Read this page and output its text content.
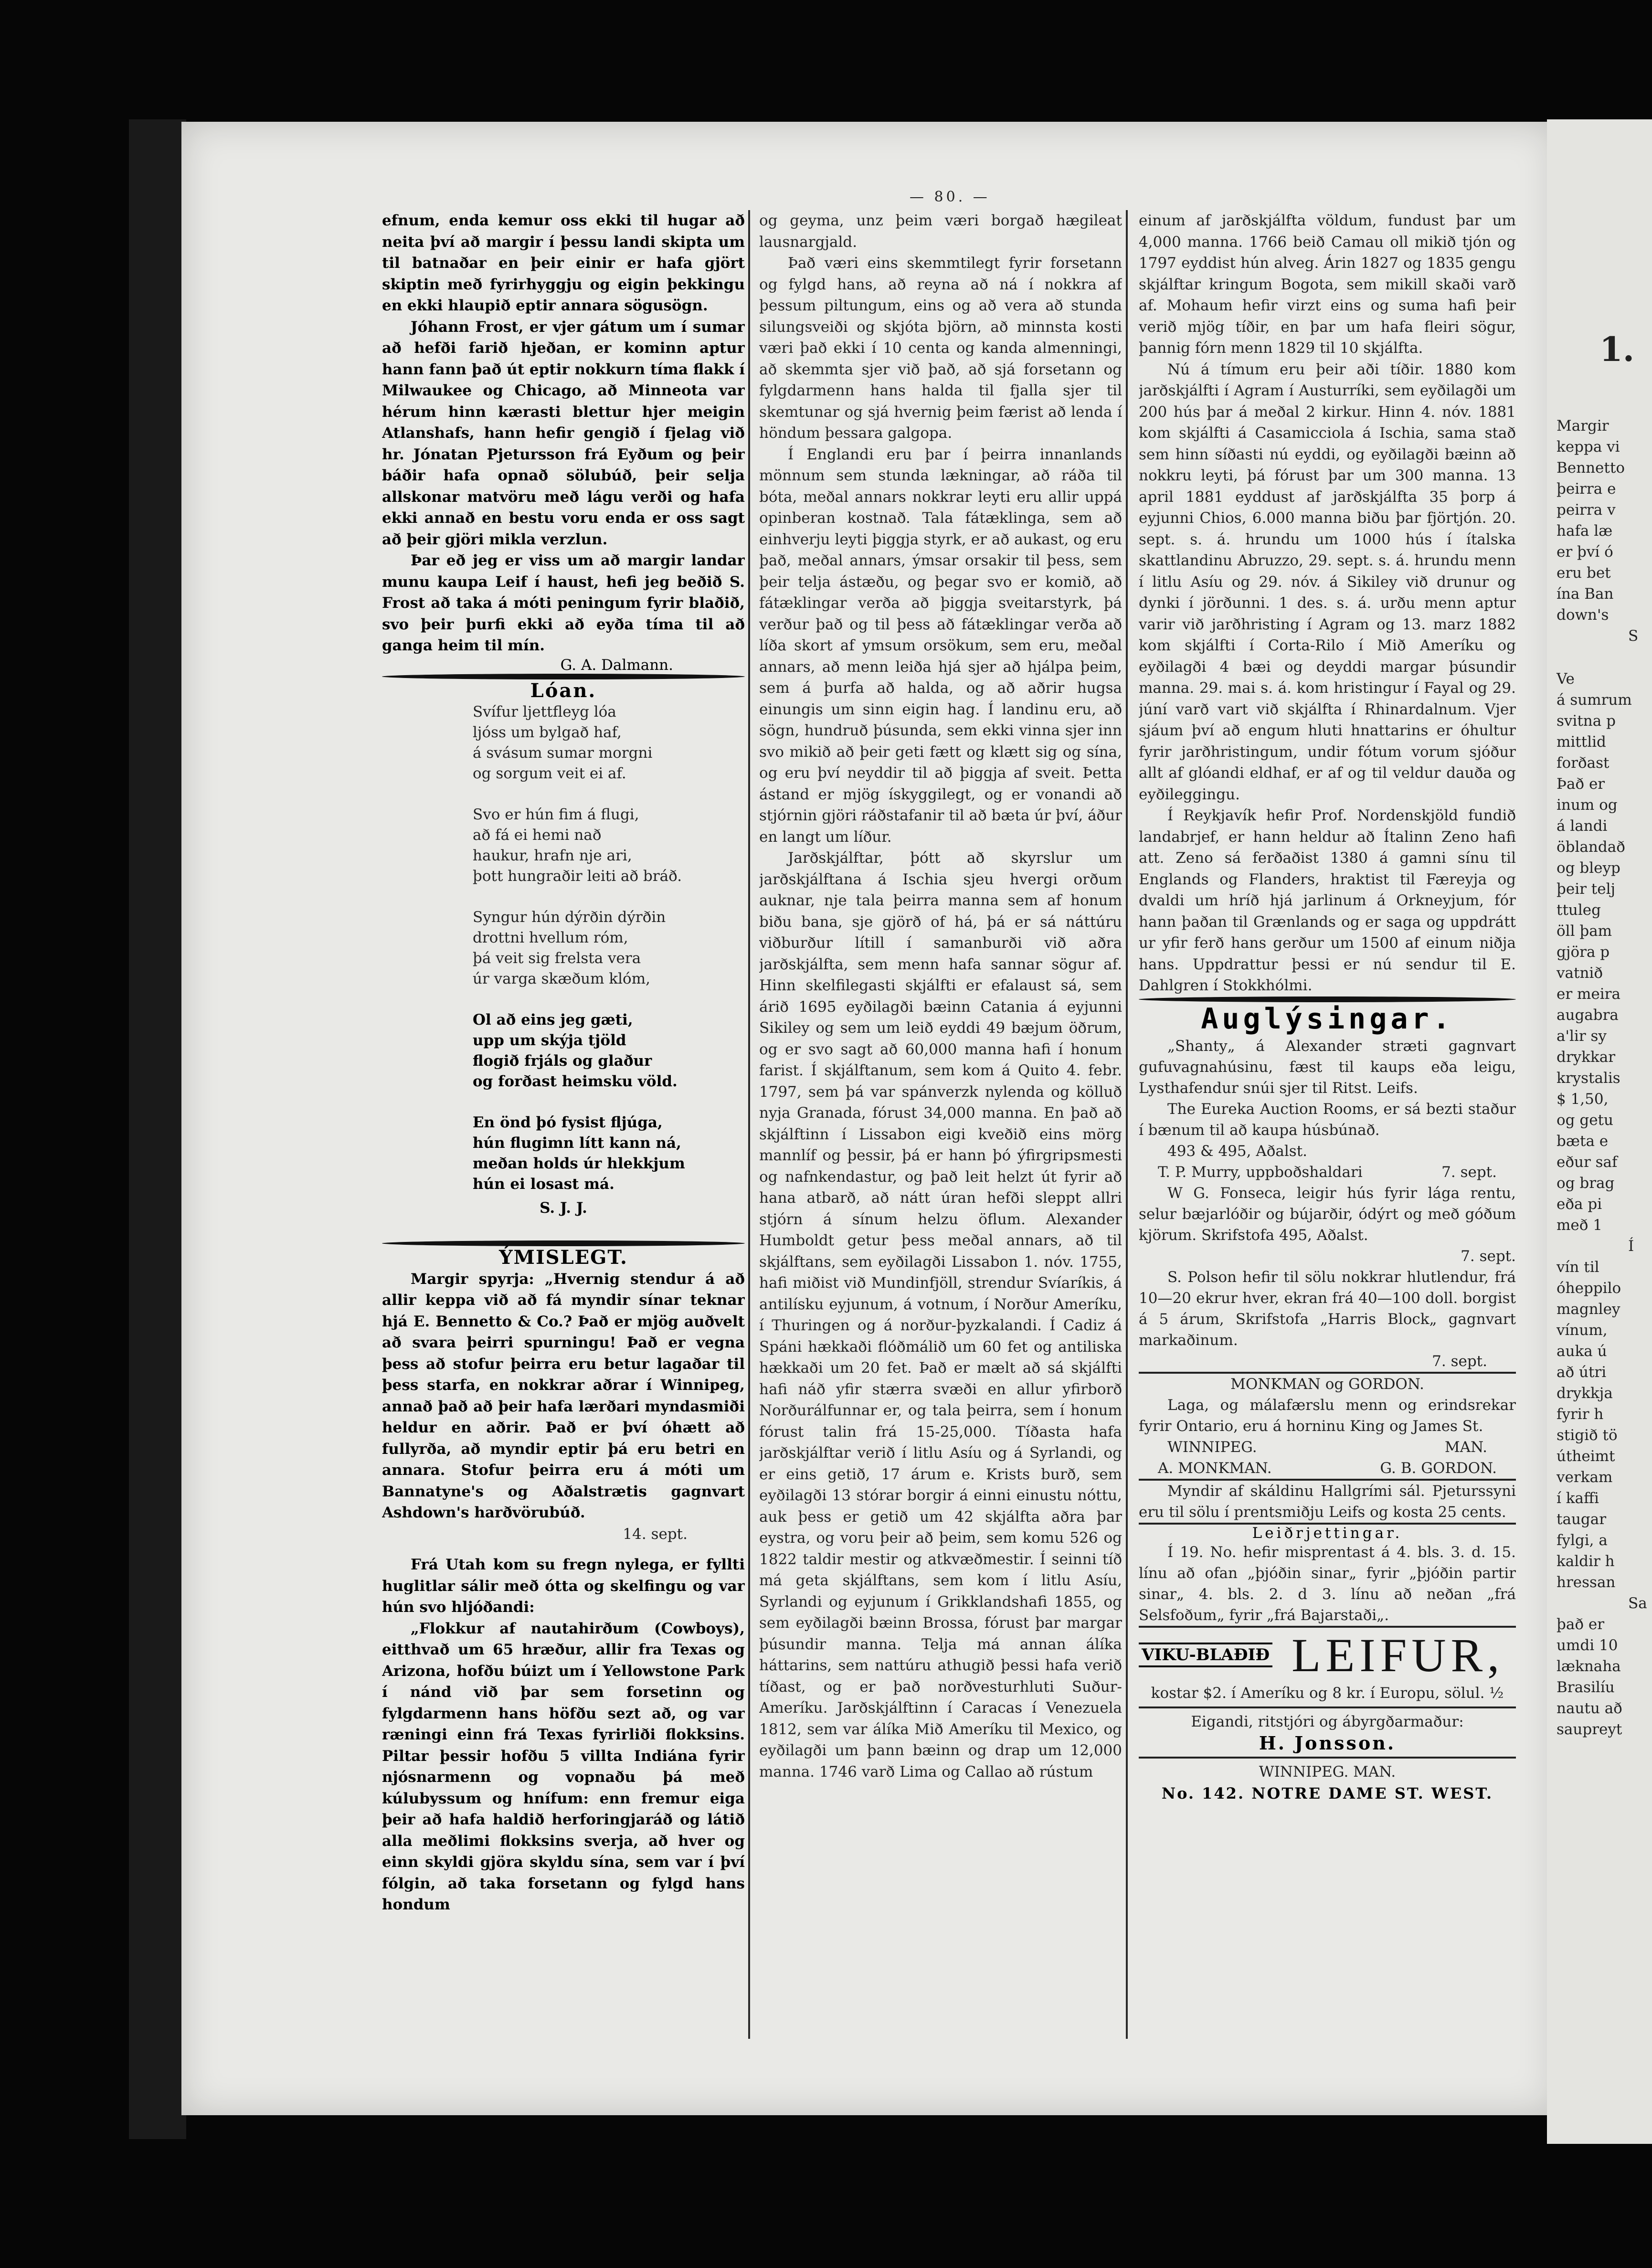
— 80. —

efnum, enda kemur oss ekki til hugar að neita því að margir í þessu landi skipta um til batnaðar en þeir einir er hafa gjört skiptin með fyrirhyggju og eigin þekkingu en ekki hlaupið eptir annara sögusögn.

Jóhann Frost, er vjer gátum um í sumar að hefði farið hjeðan, er kominn aptur hann fann það út eptir nokkurn tíma flakk í Milwaukee og Chicago, að Minneota var hérum hinn kærasti blettur hjer meigin Atlanshafs, hann hefir gengið í fjelag við hr. Jónatan Pjetursson frá Eyðum og þeir báðir hafa opnað sölubúð, þeir selja allskonar matvöru með lágu verði og hafa ekki annað en bestu voru enda er oss sagt að þeir gjöri mikla verzlun.

Þar eð jeg er viss um að margir landar munu kaupa Leif í haust, hefi jeg beðið S. Frost að taka á móti peningum fyrir blaðið, svo þeir þurfi ekki að eyða tíma til að ganga heim til mín.

G. A. Dalmann.

Lóan.
Svífur ljettfleyg lóa
ljóss um bylgað haf,
á svásum sumar morgni
og sorgum veit ei af.
Svo er hún fim á flugi,
að fá ei hemi nað
haukur, hrafn nje ari,
þott hungraðir leiti að bráð.
Syngur hún dýrðin dýrðin
drottni hvellum róm,
þá veit sig frelsta vera
úr varga skæðum klóm,
Ol að eins jeg gæti,
upp um skýja tjöld
flogið frjáls og glaður
og forðast heimsku völd.
En önd þó fysist fljúga,
hún flugimn lítt kann ná,
meðan holds úr hlekkjum
hún ei losast má.

S. J. J.

ÝMISLEGT.

Margir spyrja: „Hvernig stendur á að allir keppa við að fá myndir sínar teknar hjá E. Bennetto & Co.? Það er mjög auðvelt að svara þeirri spurningu! Það er vegna þess að stofur þeirra eru betur lagaðar til þess starfa, en nokkrar aðrar í Winnipeg, annað það að þeir hafa lærðari myndasmiði heldur en aðrir. Það er því óhætt að fullyrða, að myndir eptir þá eru betri en annara. Stofur þeirra eru á móti um Bannatyne's og Aðalstrætis gagnvart Ashdown's harðvörubúð.

14. sept.

Frá Utah kom su fregn nylega, er fyllti huglitlar sálir með ótta og skelfingu og var hún svo hljóðandi:

„Flokkur af nautahirðum (Cowboys), eitthvað um 65 hræður, allir fra Texas og Arizona, hofðu búizt um í Yellowstone Park í nánd við þar sem forsetinn og fylgdarmenn hans höfðu sezt að, og var ræningi einn frá Texas fyrirliði flokksins. Piltar þessir hofðu 5 villta Indiána fyrir njósnarmenn og vopnaðu þá með kúlubyssum og hnífum: enn fremur eiga þeir að hafa haldið herforingjaráð og látið alla meðlimi flokksins sverja, að hver og einn skyldi gjöra skyldu sína, sem var í því fólgin, að taka forsetann og fylgd hans hondum

og geyma, unz þeim væri borgað hægileat lausnargjald.

Það væri eins skemmtilegt fyrir forsetann og fylgd hans, að reyna að ná í nokkra af þessum piltungum, eins og að vera að stunda silungsveiði og skjóta björn, að minnsta kosti væri það ekki í 10 centa og kanda almenningi, að skemmta sjer við það, að sjá forsetann og fylgdarmenn hans halda til fjalla sjer til skemtunar og sjá hvernig þeim færist að lenda í höndum þessara galgopa.

Í Englandi eru þar í þeirra innanlands mönnum sem stunda lækningar, að ráða til bóta, meðal annars nokkrar leyti eru allir uppá opinberan kostnað. Tala fátæklinga, sem að einhverju leyti þiggja styrk, er að aukast, og eru það, meðal annars, ýmsar orsakir til þess, sem þeir telja ástæðu, og þegar svo er komið, að fátæklingar verða að þiggja sveitarstyrk, þá verður það og til þess að fátæklingar verða að líða skort af ymsum orsökum, sem eru, meðal annars, að menn leiða hjá sjer að hjálpa þeim, sem á þurfa að halda, og að aðrir hugsa einungis um sinn eigin hag. Í landinu eru, að sögn, hundruð þúsunda, sem ekki vinna sjer inn svo mikið að þeir geti fætt og klætt sig og sína, og eru því neyddir til að þiggja af sveit. Þetta ástand er mjög ískyggilegt, og er vonandi að stjórnin gjöri ráðstafanir til að bæta úr því, áður en langt um líður.

Jarðskjálftar, þótt að skyrslur um jarðskjálftana á Ischia sjeu hvergi orðum auknar, nje tala þeirra manna sem af honum biðu bana, sje gjörð of há, þá er sá náttúru viðburður lítill í samanburði við aðra jarðskjálfta, sem menn hafa sannar sögur af. Hinn skelfilegasti skjálfti er efalaust sá, sem árið 1695 eyðilagði bæinn Catania á eyjunni Sikiley og sem um leið eyddi 49 bæjum öðrum, og er svo sagt að 60,000 manna hafi í honum farist. Í skjálftanum, sem kom á Quito 4. febr. 1797, sem þá var spánverzk nylenda og kölluð nyja Granada, fórust 34,000 manna. En það að skjálftinn í Lissabon eigi kveðið eins mörg mannlíf og þessir, þá er hann þó ýfirgripsmesti og nafnkendastur, og það leit helzt út fyrir að hana atbarð, að nátt úran hefði sleppt allri stjórn á sínum helzu öflum. Alexander Humboldt getur þess meðal annars, að til skjálftans, sem eyðilagði Lissabon 1. nóv. 1755, hafi miðist við Mundinfjöll, strendur Svíaríkis, á antilísku eyjunum, á votnum, í Norður Ameríku, í Thuringen og á norður-þyzkalandi. Í Cadiz á Spáni hækkaði flóðmálið um 60 fet og antiliska hækkaði um 20 fet. Það er mælt að sá skjálfti hafi náð yfir stærra svæði en allur yfirborð Norðurálfunnar er, og tala þeirra, sem í honum fórust talin frá 15-25,000. Tíðasta hafa jarðskjálftar verið í litlu Asíu og á Syrlandi, og er eins getið, 17 árum e. Krists burð, sem eyðilagði 13 stórar borgir á einni einustu nóttu, auk þess er getið um 42 skjálfta aðra þar eystra, og voru þeir að þeim, sem komu 526 og 1822 taldir mestir og atkvæðmestir. Í seinni tíð má geta skjálftans, sem kom í litlu Asíu, Syrlandi og eyjunum í Grikklandshafi 1855, og sem eyðilagði bæinn Brossa, fórust þar margar þúsundir manna. Telja má annan álíka háttarins, sem nattúru athugið þessi hafa verið tíðast, og er það norðvesturhluti Suður-Ameríku. Jarðskjálftinn í Caracas í Venezuela 1812, sem var álíka Mið Ameríku til Mexico, og eyðilagði um þann bæinn og drap um 12,000 manna. 1746 varð Lima og Callao að rústum

einum af jarðskjálfta völdum, fundust þar um 4,000 manna. 1766 beið Camau oll mikið tjón og 1797 eyddist hún alveg. Árin 1827 og 1835 gengu skjálftar kringum Bogota, sem mikill skaði varð af. Mohaum hefir virzt eins og suma hafi þeir verið mjög tíðir, en þar um hafa fleiri sögur, þannig fórn menn 1829 til 10 skjálfta.

Nú á tímum eru þeir aði tíðir. 1880 kom jarðskjálfti í Agram í Austurríki, sem eyðilagði um 200 hús þar á meðal 2 kirkur. Hinn 4. nóv. 1881 kom skjálfti á Casamicciola á Ischia, sama stað sem hinn síðasti nú eyddi, og eyðilagði bæinn að nokkru leyti, þá fórust þar um 300 manna. 13 april 1881 eyddust af jarðskjálfta 35 þorp á eyjunni Chios, 6.000 manna biðu þar fjörtjón. 20. sept. s. á. hrundu um 1000 hús í ítalska skattlandinu Abruzzo, 29. sept. s. á. hrundu menn í litlu Asíu og 29. nóv. á Sikiley við drunur og dynki í jörðunni. 1 des. s. á. urðu menn aptur varir við jarðhristing í Agram og 13. marz 1882 kom skjálfti í Corta-Rilo í Mið Ameríku og eyðilagði 4 bæi og deyddi margar þúsundir manna. 29. mai s. á. kom hristingur í Fayal og 29. júní varð vart við skjálfta í Rhinardalnum. Vjer sjáum því að engum hluti hnattarins er óhultur fyrir jarðhristingum, undir fótum vorum sjóður allt af glóandi eldhaf, er af og til veldur dauða og eyðileggingu.

Í Reykjavík hefir Prof. Nordenskjöld fundið landabrjef, er hann heldur að Ítalinn Zeno hafi att. Zeno sá ferðaðist 1380 á gamni sínu til Englands og Flanders, hraktist til Færeyja og dvaldi um hríð hjá jarlinum á Orkneyjum, fór hann þaðan til Grænlands og er saga og uppdrátt ur yfir ferð hans gerður um 1500 af einum niðja hans. Uppdrattur þessi er nú sendur til E. Dahlgren í Stokkhólmi.

Auglýsingar.

„Shanty„ á Alexander stræti gagnvart gufuvagnahúsinu, fæst til kaups eða leigu, Lysthafendur snúi sjer til Ritst. Leifs.

The Eureka Auction Rooms, er sá bezti staður í bænum til að kaupa húsbúnað.

493 & 495, Aðalst.

T. P. Murry, uppboðshaldari	7. sept.

W G. Fonseca, leigir hús fyrir lága rentu, selur bæjarlóðir og bújarðir, ódýrt og með góðum kjörum. Skrifstofa 495, Aðalst.

7. sept.

S. Polson hefir til sölu nokkrar hlutlendur, frá 10—20 ekrur hver, ekran frá 40—100 doll. borgist á 5 árum, Skrifstofa „Harris Block„ gagnvart markaðinum.

7. sept.

MONKMAN og GORDON.

Laga, og málafærslu menn og erindsrekar fyrir Ontario, eru á horninu King og James St.

WINNIPEG.	MAN.
A. MONKMAN.	G. B. GORDON.

Myndir af skáldinu Hallgrími sál. Pjeturssyni eru til sölu í prentsmiðju Leifs og kosta 25 cents.

Leiðrjettingar.

Í 19. No. hefir misprentast á 4. bls. 3. d. 15. línu að ofan „þjóðin sinar„ fyrir „þjóðin partir sinar„ 4. bls. 2. d 3. línu að neðan „frá Selsfoðum„ fyrir „frá Bajarstaði„.

VIKU-BLAÐIÐ LEIFUR,

kostar $2. í Ameríku og 8 kr. í Europu, sölul. ½

Eigandi, ritstjóri og ábyrgðarmaður:

H. Jonsson.

WINNIPEG. MAN.

No. 142. NOTRE DAME ST. WEST.
1.
Margir
keppa vi
Bennetto
þeirra e
peirra v
hafa læ
er því ó
eru bet
ína Ban
down's
S
Ve
á sumrum
svitna p
mittlid
forðast
Það er
inum og
á landi
öblandað
og bleyp
þeir telj
ttuleg
öll þam
gjöra p
vatnið
er meira
augabra
a'lir sy
drykkar
krystalis
$ 1,50,
og getu
bæta e
eður saf
og brag
eða pi
með 1
Í
vín til
óheppilo
magnley
vínum,
auka ú
að útri
drykkja
fyrir h
stigið tö
útheimt
verkam
í kaffi
taugar
fylgi, a
kaldir h
hressan
Sa
það er
umdi 10
læknaha
Brasilíu
nautu að
saupreyt
